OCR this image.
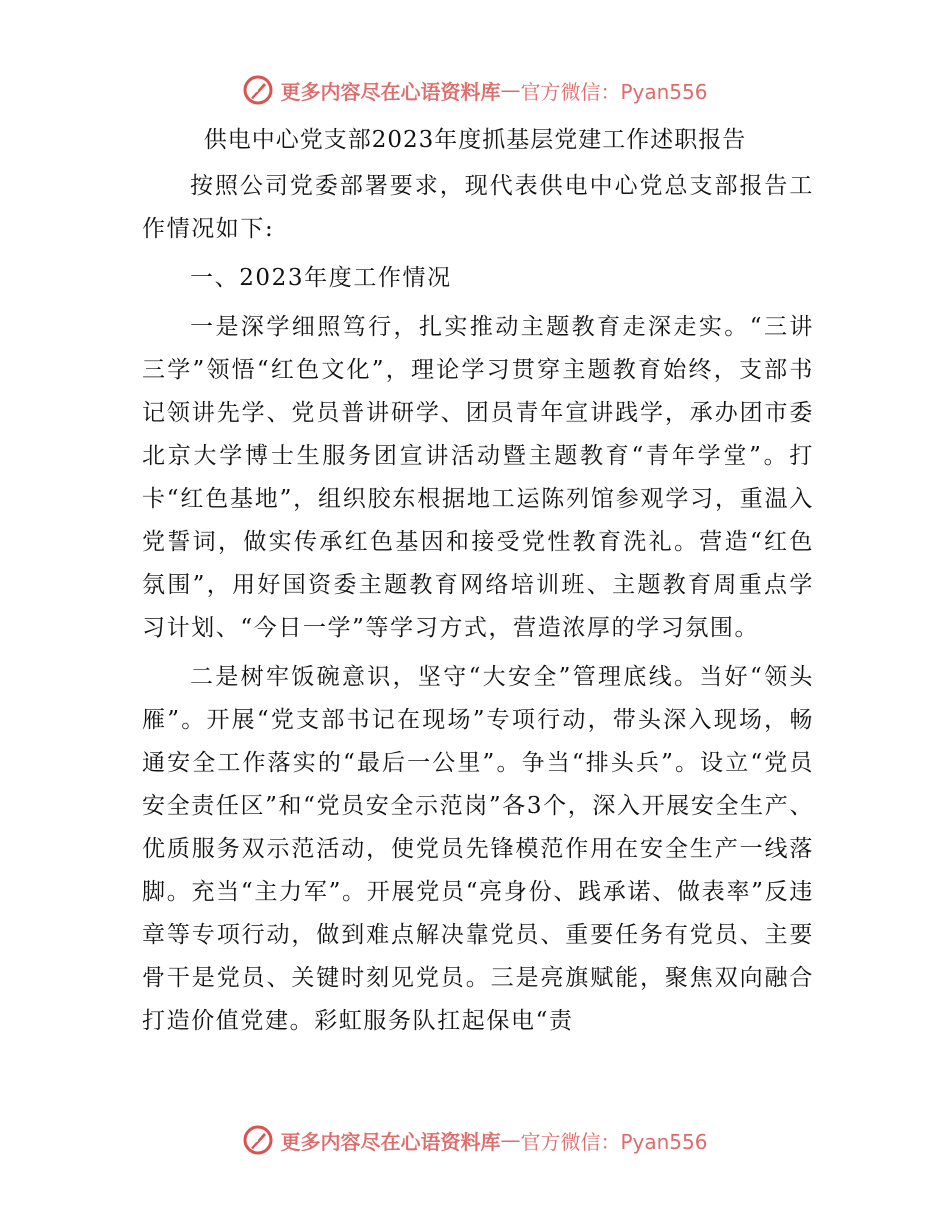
更多内容尽在心语资料库 — 官方微信：Pyan556
供电中心党支部2023年度抓基层党建工作述职报告

按照公司党委部署要求，现代表供电中心党总支部报告工作情况如下:

一、2023年度工作情况

一是深学细照笃行，扎实推动主题教育走深走实。“三讲三学”领悟“红色文化”，理论学习贯穿主题教育始终，支部书记领讲先学、党员普讲研学、团员青年宣讲践学，承办团市委北京大学博士生服务团宣讲活动暨主题教育“青年学堂”。打卡“红色基地”，组织胶东根据地工运陈列馆参观学习，重温入党誓词，做实传承红色基因和接受党性教育洗礼。营造“红色氛围”，用好国资委主题教育网络培训班、主题教育周重点学习计划、“今日一学”等学习方式，营造浓厚的学习氛围。

二是树牢饭碗意识，坚守“大安全”管理底线。当好“领头雁”。开展“党支部书记在现场”专项行动，带头深入现场，畅通安全工作落实的“最后一公里”。争当“排头兵”。设立“党员安全责任区”和“党员安全示范岗”各3个，深入开展安全生产、优质服务双示范活动，使党员先锋模范作用在安全生产一线落脚。充当“主力军”。开展党员“亮身份、践承诺、做表率”反违章等专项行动，做到难点解决靠党员、重要任务有党员、主要骨干是党员、关键时刻见党员。三是亮旗赋能，聚焦双向融合打造价值党建。彩虹服务队扛起保电“责

更多内容尽在心语资料库 — 官方微信：Pyan556
